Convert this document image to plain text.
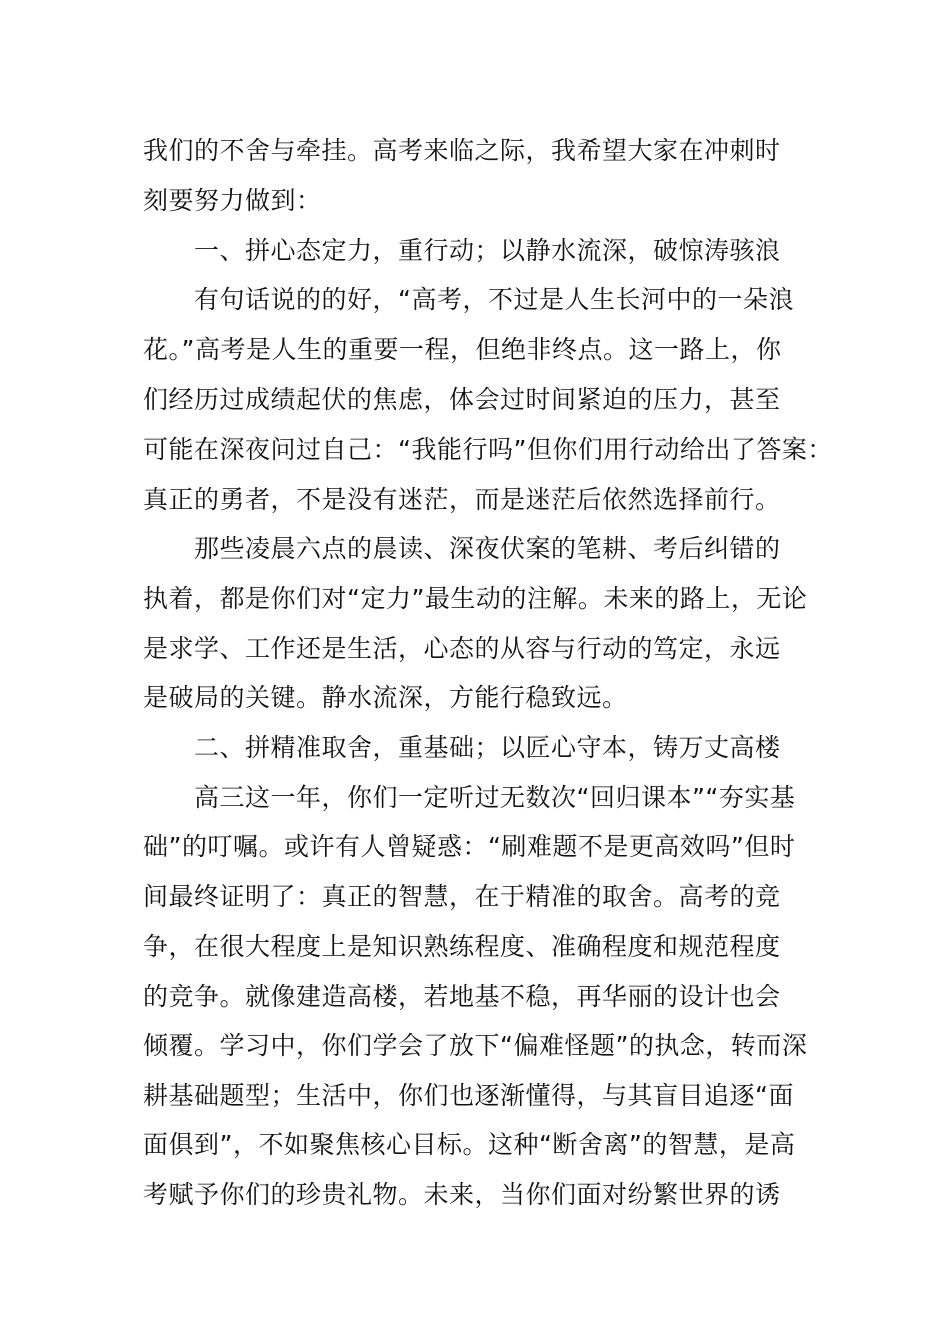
我们的不舍与牵挂。高考来临之际，我希望大家在冲刺时
刻要努力做到：
一、拼心态定力，重行动；以静水流深，破惊涛骇浪
有句话说的的好，“高考，不过是人生长河中的一朵浪
花。”高考是人生的重要一程，但绝非终点。这一路上，你
们经历过成绩起伏的焦虑，体会过时间紧迫的压力，甚至
可能在深夜问过自己：“我能行吗”但你们用行动给出了答案：
真正的勇者，不是没有迷茫，而是迷茫后依然选择前行。
那些凌晨六点的晨读、深夜伏案的笔耕、考后纠错的
执着，都是你们对“定力”最生动的注解。未来的路上，无论
是求学、工作还是生活，心态的从容与行动的笃定，永远
是破局的关键。静水流深，方能行稳致远。
二、拼精准取舍，重基础；以匠心守本，铸万丈高楼
高三这一年，你们一定听过无数次“回归课本”“夯实基
础”的叮嘱。或许有人曾疑惑：“刷难题不是更高效吗”但时
间最终证明了：真正的智慧，在于精准的取舍。高考的竞
争，在很大程度上是知识熟练程度、准确程度和规范程度
的竞争。就像建造高楼，若地基不稳，再华丽的设计也会
倾覆。学习中，你们学会了放下“偏难怪题”的执念，转而深
耕基础题型；生活中，你们也逐渐懂得，与其盲目追逐“面
面俱到”，不如聚焦核心目标。这种“断舍离”的智慧，是高
考赋予你们的珍贵礼物。未来，当你们面对纷繁世界的诱
